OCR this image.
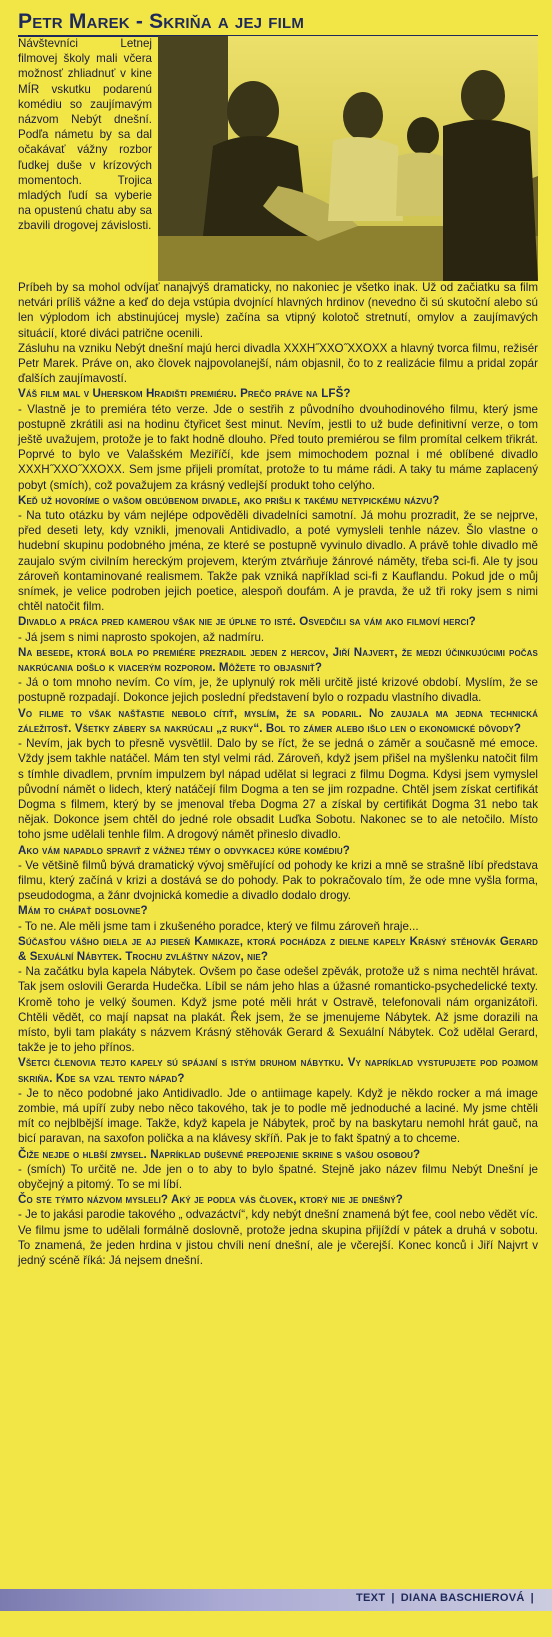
Petr Marek - Skriňa a jej film

Návštevníci Letnej filmovej školy mali včera možnosť zhliadnuť v kine MÍR vskutku podarenú komédiu so zaujímavým názvom Nebýt dnešní. Podľa námetu by sa dal očakávať vážny rozbor ľudkej duše v krízových momentoch. Trojica mladých ľudí sa vyberie na opustenú chatu aby sa zbavili drogovej závislosti.

Príbeh by sa mohol odvíjať nanajvýš dramaticky, no nakoniec je všetko inak. Už od začiatku sa film netvári príliš vážne a keď do deja vstúpia dvojnící hlavných hrdinov (nevedno či sú skutoční alebo sú len výplodom ich abstinujúcej mysle) začína sa vtipný kolotoč stretnutí, omylov a zaujímavých situácií, ktoré diváci patrične ocenili.

Zásluhu na vzniku Nebýt dnešní majú herci divadla XXXH˝XXO˝XXOXX a hlavný tvorca filmu, režisér Petr Marek. Práve on, ako človek najpovolanejší, nám objasnil, čo to z realizácie filmu a pridal zopár ďalších zaujímavostí.

Váš film mal v Uherskom Hradišti premiéru. Prečo práve na LFŠ?

- Vlastně je to premiéra této verze. Jde o sestřih z původního dvouhodinového filmu, který jsme postupně zkrátili asi na hodinu čtyřicet šest minut. Nevím, jestli to už bude definitivní verze, o tom ještě uvažujem, protože je to fakt hodně dlouho. Před touto premiérou se film promítal celkem třikrát. Poprvé to bylo ve Valašském Meziříčí, kde jsem mimochodem poznal i mé oblíbené divadlo XXXH˝XXO˝XXOXX. Sem jsme přijeli promítat, protože to tu máme rádi. A taky tu máme zaplacený pobyt (smích), což považujem za krásný vedlejší produkt toho celýho.

Keď už hovoríme o vašom obľúbenom divadle, ako prišli k takému netypickému názvu?

- Na tuto otázku by vám nejlépe odpověděli divadelníci samotní. Já mohu prozradit, že se nejprve, před deseti lety, kdy vznikli, jmenovali Antidivadlo, a poté vymysleli tenhle název. Šlo vlastne o hudební skupinu podobného jména, ze které se postupně vyvinulo divadlo. A právě tohle divadlo mě zaujalo svým civilním hereckým projevem, kterým ztvárňuje žánrové náměty, třeba sci-fi. Ale ty jsou zároveň kontaminované realismem. Takže pak vzniká například sci-fi z Kauflandu. Pokud jde o můj snímek, je velice podroben jejich poetice, alespoň doufám. A je pravda, že už tři roky jsem s nimi chtěl natočit film.

Divadlo a práca pred kamerou však nie je úplne to isté. Osvedčili sa vám ako filmoví herci?

- Já jsem s nimi naprosto spokojen, až nadmíru.

Na besede, ktorá bola po premiére prezradil jeden z hercov, Jiří Najvert, že medzi účinkujúcimi počas nakrúcania došlo k viacerým rozporom. Môžete to objasniť?

- Já o tom mnoho nevím. Co vím, je, že uplynulý rok měli určitě jisté krizové období. Myslím, že se postupně rozpadají. Dokonce jejich poslední představení bylo o rozpadu vlastního divadla.

Vo filme to však našťastie nebolo cítiť, myslím, že sa podaril. No zaujala ma jedna technická záležitosť. Všetky zábery sa nakrúcali „z ruky“. Bol to zámer alebo išlo len o ekonomické dôvody?

- Nevím, jak bych to přesně vysvětlil. Dalo by se říct, že se jedná o záměr a současně mé emoce. Vždy jsem takhle natáčel. Mám ten styl velmi rád. Zároveň, když jsem přišel na myšlenku natočit film s tímhle divadlem, prvním impulzem byl nápad udělat si legraci z filmu Dogma. Kdysi jsem vymyslel původní námět o lidech, který natáčejí film Dogma a ten se jim rozpadne. Chtěl jsem získat certifikát Dogma s filmem, který by se jmenoval třeba Dogma 27 a získal by certifikát Dogma 31 nebo tak nějak. Dokonce jsem chtěl do jedné role obsadit Luďka Sobotu. Nakonec se to ale netočilo. Místo toho jsme udělali tenhle film. A drogový námět přineslo divadlo.

Ako vám napadlo spraviť z vážnej témy o odvykacej kúre komédiu?

- Ve většině filmů bývá dramatický vývoj směřující od pohody ke krizi a mně se strašně líbí představa filmu, který začíná v krizi a dostává se do pohody. Pak to pokračovalo tím, že ode mne vyšla forma, pseudodogma, a žánr dvojnická komedie a divadlo dodalo drogy.

Mám to chápať doslovne?

- To ne. Ale měli jsme tam i zkušeného poradce, který ve filmu zároveň hraje...

Súčasťou vášho diela je aj pieseň Kamikaze, ktorá pochádza z dielne kapely Krásný stěhovák Gerard & Sexuální Nábytek. Trochu zvláštny názov, nie?

- Na začátku byla kapela Nábytek. Ovšem po čase odešel zpěvák, protože už s nima nechtěl hrávat. Tak jsem oslovili Gerarda Hudečka. Líbil se nám jeho hlas a úžasné romanticko-psychedelické texty. Kromě toho je velký šoumen. Když jsme poté měli hrát v Ostravě, telefonovali nám organizátoři. Chtěli vědět, co mají napsat na plakát. Řek jsem, že se jmenujeme Nábytek. Až jsme dorazili na místo, byli tam plakáty s názvem Krásný stěhovák Gerard & Sexuální Nábytek. Což udělal Gerard, takže je to jeho přínos.

Všetci členovia tejto kapely sú spájaní s istým druhom nábytku. Vy napríklad vystupujete pod pojmom skriňa. Kde sa vzal tento nápad?

- Je to něco podobné jako Antidivadlo. Jde o antiimage kapely. Když je někdo rocker a má image zombie, má upíří zuby nebo něco takového, tak je to podle mě jednoduché a laciné. My jsme chtěli mít co nejblbější image. Takže, když kapela je Nábytek, proč by na baskytaru nemohl hrát gauč, na bicí paravan, na saxofon polička a na klávesy skříň. Pak je to fakt špatný a to chceme.

Čiže nejde o hlbší zmysel. Napríklad duševné prepojenie skrine s vašou osobou?

- (smích) To určitě ne. Jde jen o to aby to bylo špatné. Stejně jako název filmu Nebýt Dnešní je obyčejný a pitomý. To se mi líbí.

Čo ste týmto názvom mysleli? Aký je podľa vás človek, ktorý nie je dnešný?

- Je to jakási parodie takového „ odvazáctví“, kdy nebýt dnešní znamená být fee, cool nebo vědět víc. Ve filmu jsme to udělali formálně doslovně, protože jedna skupina přijíždí v pátek a druhá v sobotu. To znamená, že jeden hrdina v jistou chvíli není dnešní, ale je včerejší. Konec konců i Jiří Najvrt v jedný scéně říká: Já nejsem dnešní.

TEXT | DIANA BASCHIEROVÁ |
